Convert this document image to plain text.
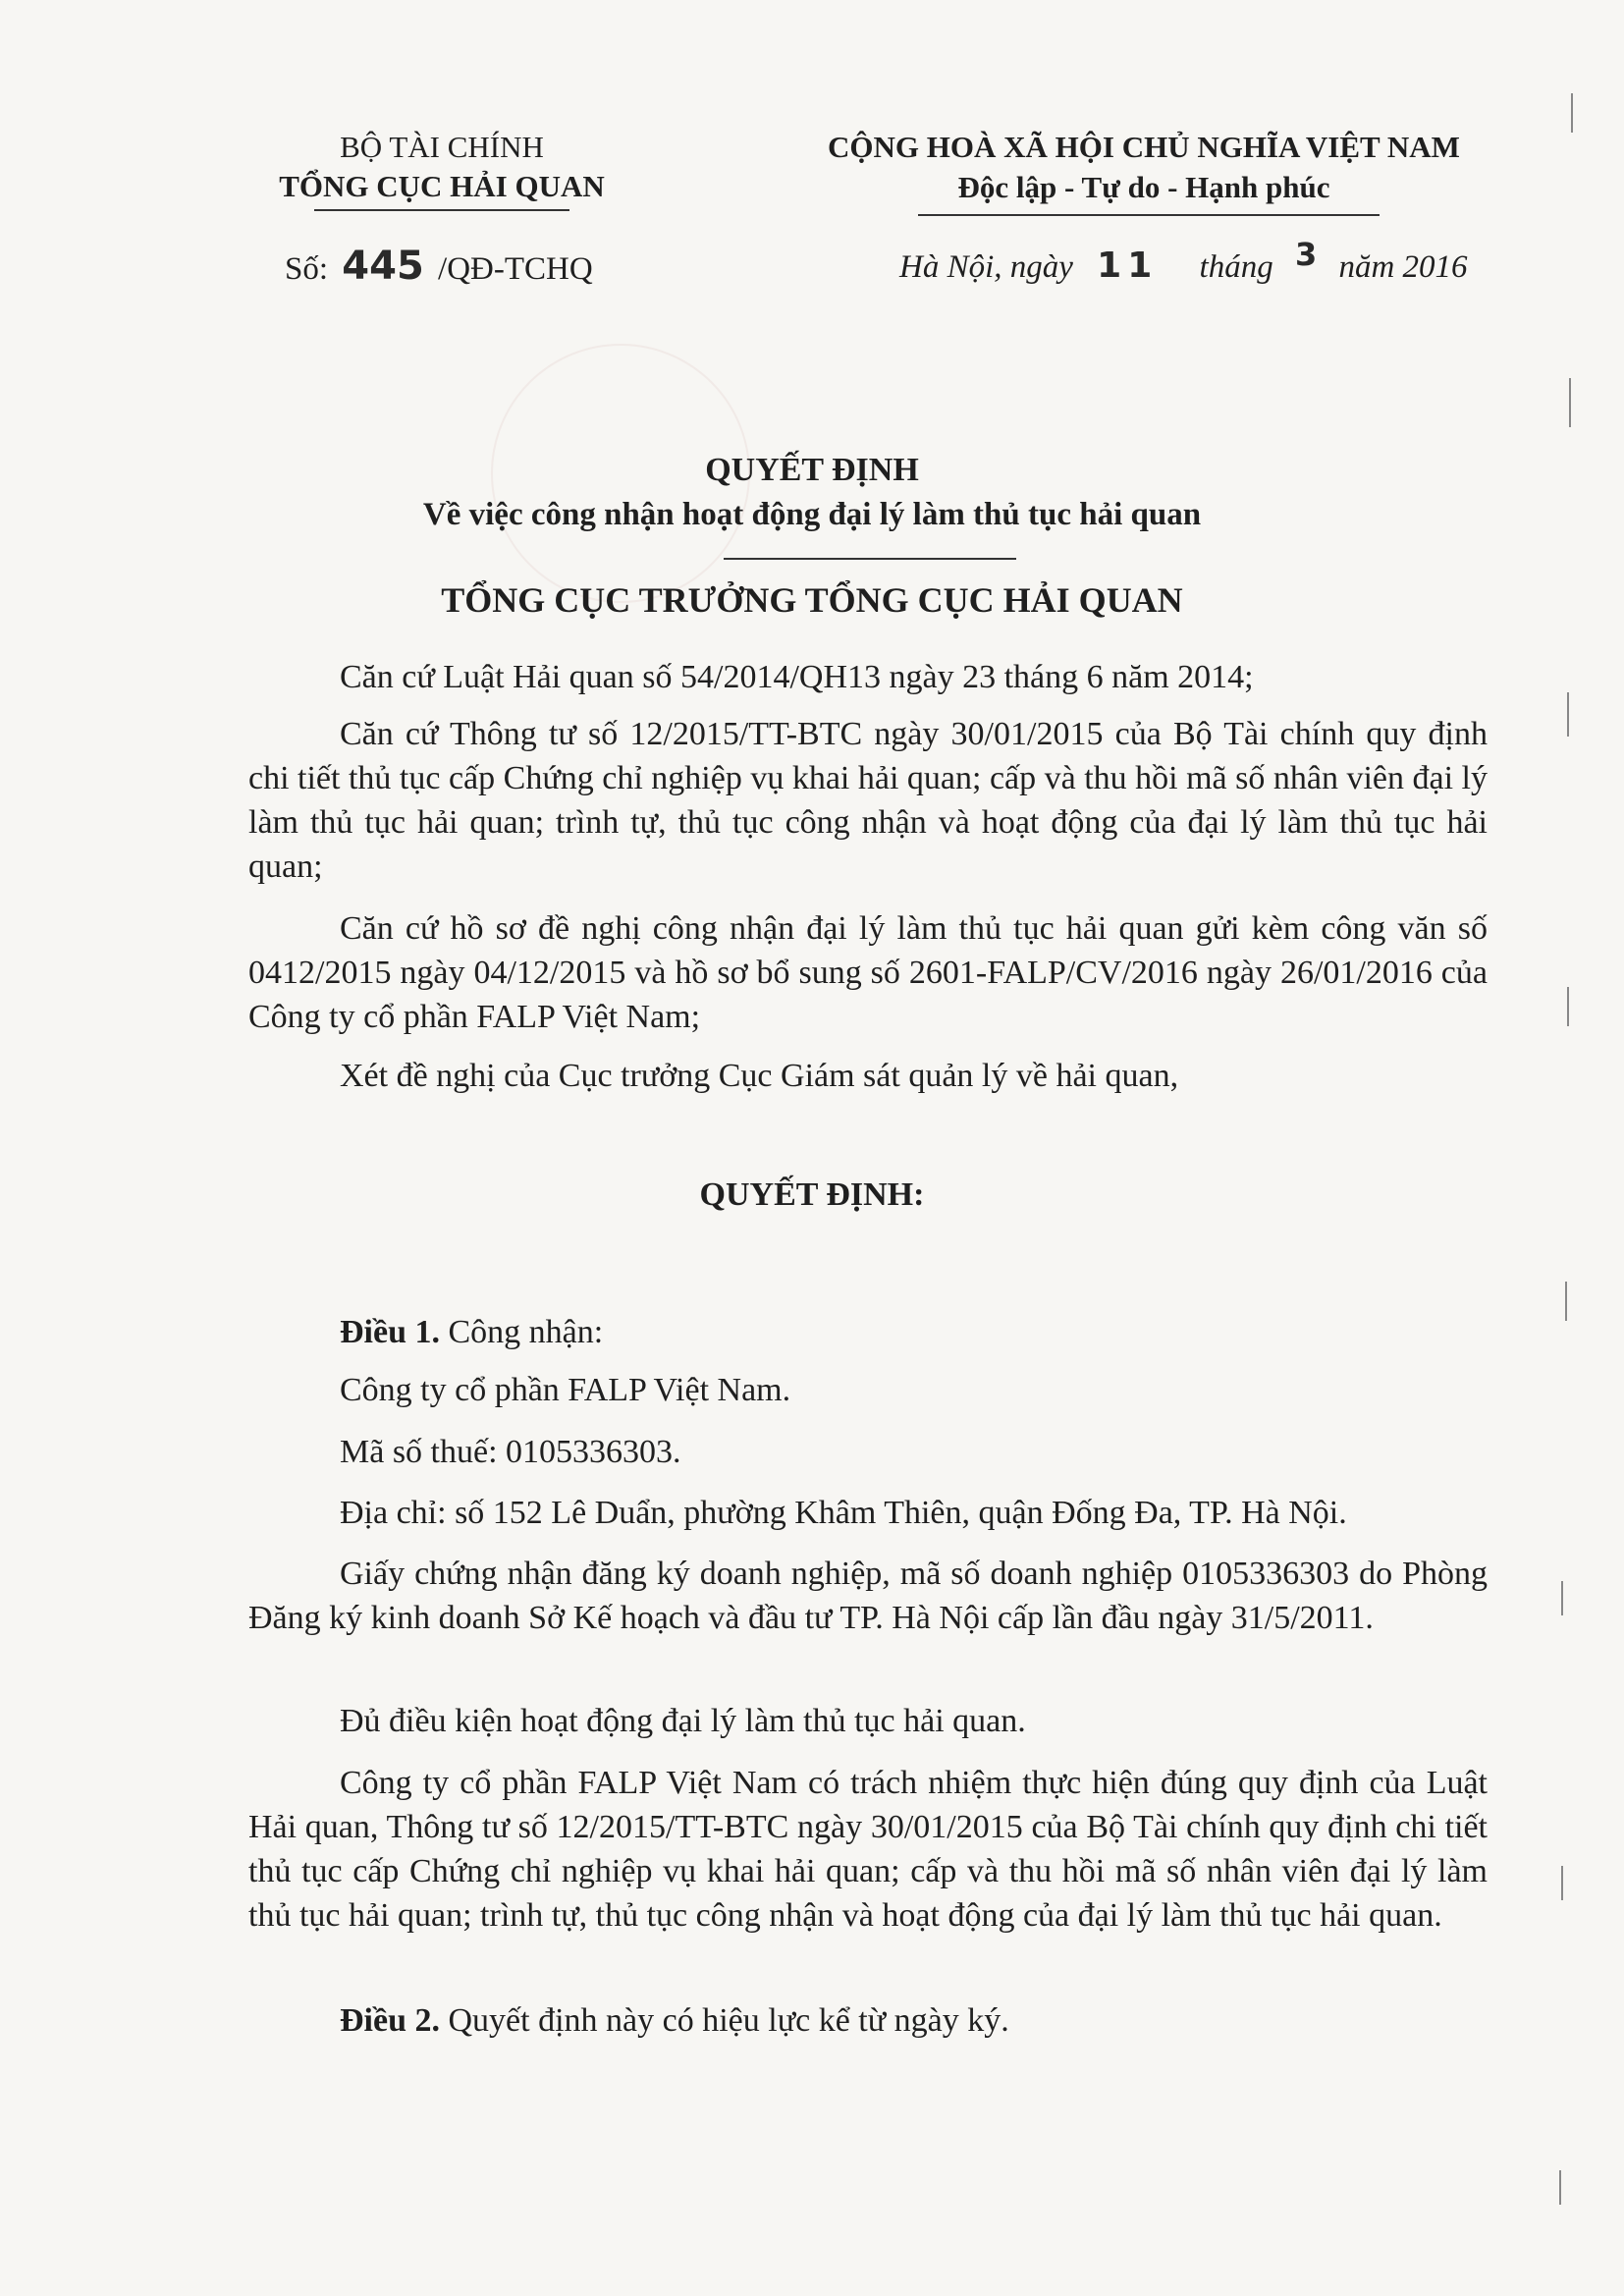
BỘ TÀI CHÍNH
TỔNG CỤC HẢI QUAN
CỘNG HOÀ XÃ HỘI CHỦ NGHĨA VIỆT NAM
Độc lập - Tự do - Hạnh phúc
Số: 445 /QĐ-TCHQ	Hà Nội, ngày 11 tháng 3 năm 2016
QUYẾT ĐỊNH
Về việc công nhận hoạt động đại lý làm thủ tục hải quan
TỔNG CỤC TRƯỞNG TỔNG CỤC HẢI QUAN
Căn cứ Luật Hải quan số 54/2014/QH13 ngày 23 tháng 6 năm 2014;
Căn cứ Thông tư số 12/2015/TT-BTC ngày 30/01/2015 của Bộ Tài chính quy định chi tiết thủ tục cấp Chứng chỉ nghiệp vụ khai hải quan; cấp và thu hồi mã số nhân viên đại lý làm thủ tục hải quan; trình tự, thủ tục công nhận và hoạt động của đại lý làm thủ tục hải quan;
Căn cứ hồ sơ đề nghị công nhận đại lý làm thủ tục hải quan gửi kèm công văn số 0412/2015 ngày 04/12/2015 và hồ sơ bổ sung số 2601-FALP/CV/2016 ngày 26/01/2016 của Công ty cổ phần FALP Việt Nam;
Xét đề nghị của Cục trưởng Cục Giám sát quản lý về hải quan,
QUYẾT ĐỊNH:
Điều 1. Công nhận:
Công ty cổ phần FALP Việt Nam.
Mã số thuế: 0105336303.
Địa chỉ: số 152 Lê Duẩn, phường Khâm Thiên, quận Đống Đa, TP. Hà Nội.
Giấy chứng nhận đăng ký doanh nghiệp, mã số doanh nghiệp 0105336303 do Phòng Đăng ký kinh doanh Sở Kế hoạch và đầu tư TP. Hà Nội cấp lần đầu ngày 31/5/2011.
Đủ điều kiện hoạt động đại lý làm thủ tục hải quan.
Công ty cổ phần FALP Việt Nam có trách nhiệm thực hiện đúng quy định của Luật Hải quan, Thông tư số 12/2015/TT-BTC ngày 30/01/2015 của Bộ Tài chính quy định chi tiết thủ tục cấp Chứng chỉ nghiệp vụ khai hải quan; cấp và thu hồi mã số nhân viên đại lý làm thủ tục hải quan; trình tự, thủ tục công nhận và hoạt động của đại lý làm thủ tục hải quan.
Điều 2. Quyết định này có hiệu lực kể từ ngày ký.
